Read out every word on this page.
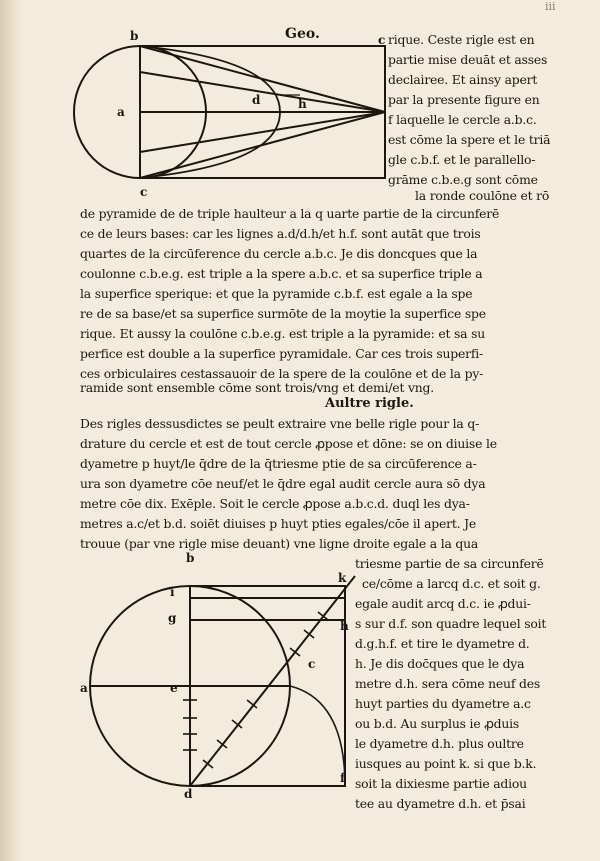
Geo.
iii
b	c
c
a
d	h
rique. Ceste rigle est en
partie mise deuāt et asses
declairee. Et ainsy apert
par la presente figure en
f laquelle le cercle a.b.c.
est cōme la spere et le triā
gle c.b.f. et le parallello-
grāme c.b.e.g sont cōme
la ronde coulōne et rō
de pyramide de de triple haulteur a la q uarte partie de la circunferē
ce de leurs bases: car les lignes a.d/d.h/et h.f. sont autāt que trois
quartes de la circūference du cercle a.b.c. Je dis doncques que la
coulonne c.b.e.g. est triple a la spere a.b.c. et sa superfice triple a
la superfice sperique: et que la pyramide c.b.f. est egale a la spe
re de sa base/et sa superfice surmōte de la moytie la superfice spe
rique. Et aussy la coulōne c.b.e.g. est triple a la pyramide: et sa su
perfice est double a la superfice pyramidale. Car ces trois superfi-
ces orbiculaires cestassauoir de la spere de la coulōne et de la py-
ramide sont ensemble cōme sont trois/vng et demi/et vng.
Aultre rigle.
Des rigles dessusdictes se peult extraire vne belle rigle pour la q-
drature du cercle et est de tout cercle ꝓpose et dōne: se on diuise le
dyametre p huyt/le q̄dre de la q̄triesme ptie de sa circūference a-
ura son dyametre cōe neuf/et le q̄dre egal audit cercle aura sō dya
metre cōe dix. Exēple. Soit le cercle ꝓpose a.b.c.d. duql les dya-
metres a.c/et b.d. soiēt diuises p huyt pties egales/cōe il apert. Je
trouue (par vne rigle mise deuant) vne ligne droite egale a la qua
b
k
i
g
h
a	e
c
d
f
triesme partie de sa circunferē
ce/cōme a larcq d.c. et soit g.
egale audit arcq d.c. ie ꝓdui-
s sur d.f. son quadre lequel soit
d.g.h.f. et tire le dyametre d.
h. Je dis doc̄ques que le dya
metre d.h. sera cōme neuf des
huyt parties du dyametre a.c
ou b.d. Au surplus ie ꝓduis
le dyametre d.h. plus oultre
iusques au point k. si que b.k.
soit la dixiesme partie adiou
tee au dyametre d.h. et p̄sai
